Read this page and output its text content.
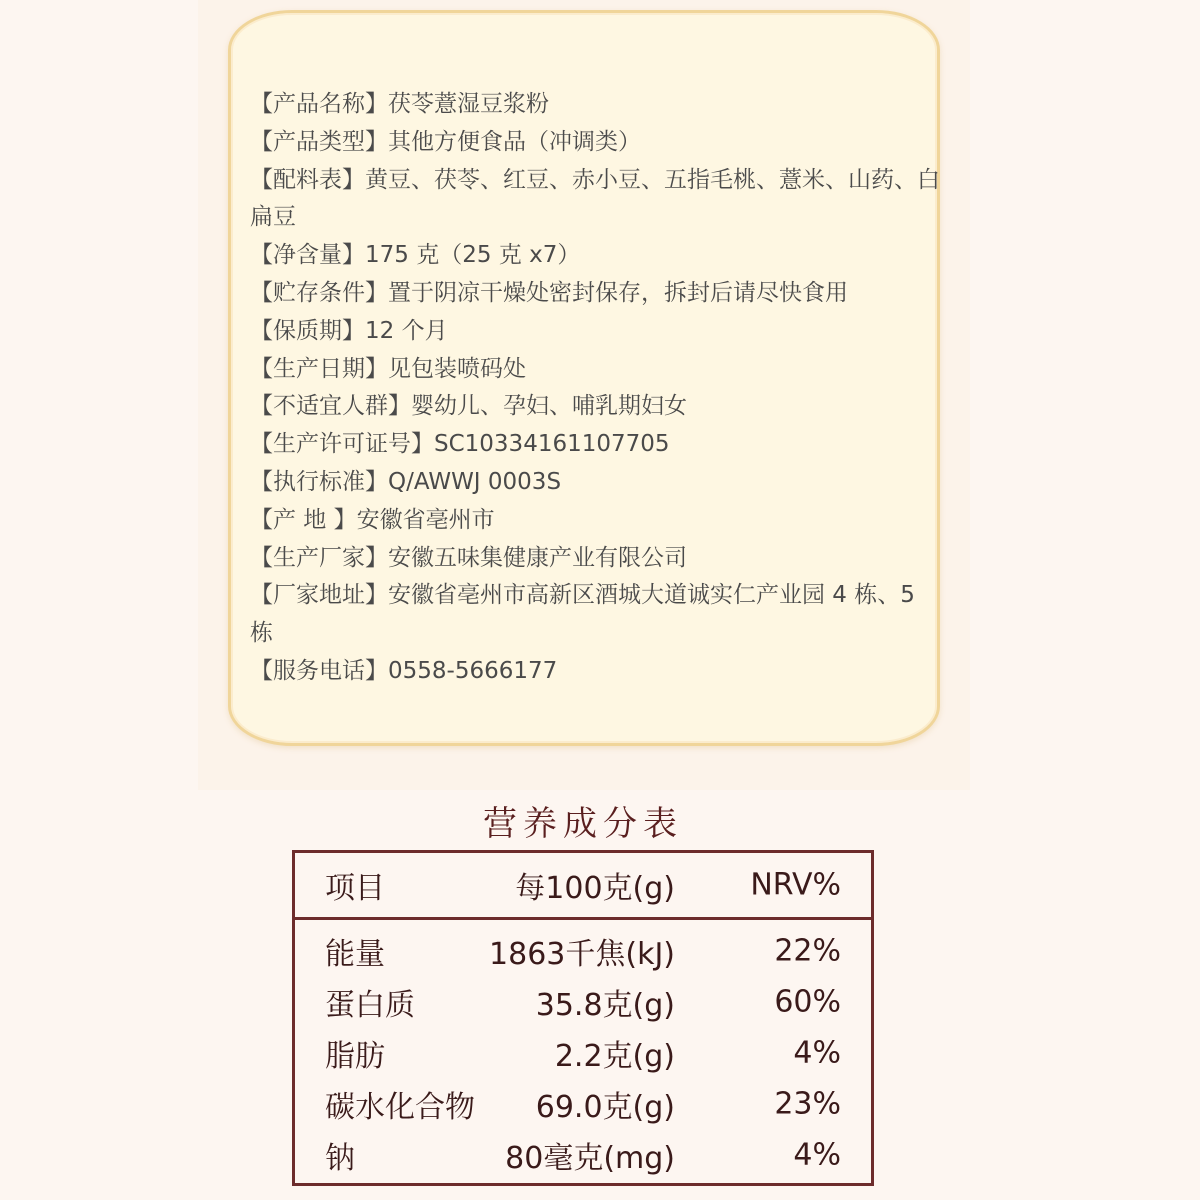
【产品名称】茯苓薏湿豆浆粉
【产品类型】其他方便食品（冲调类）
【配料表】黄豆、茯苓、红豆、赤小豆、五指毛桃、薏米、山药、白扁豆
【净含量】175 克（25 克 x7）
【贮存条件】置于阴凉干燥处密封保存，拆封后请尽快食用
【保质期】12 个月
【生产日期】见包装喷码处
【不适宜人群】婴幼儿、孕妇、哺乳期妇女
【生产许可证号】SC10334161107705
【执行标准】Q/AWWJ 0003S
【产 地 】安徽省亳州市
【生产厂家】安徽五味集健康产业有限公司
【厂家地址】安徽省亳州市高新区酒城大道诚实仁产业园 4 栋、5 栋
【服务电话】0558-5666177
营养成分表
项目	每100克(g)	NRV%
能量	1863千焦(kJ)	22%
蛋白质	35.8克(g)	60%
脂肪	2.2克(g)	4%
碳水化合物 69.0克(g)	23%
钠	80毫克(mg)	4%
